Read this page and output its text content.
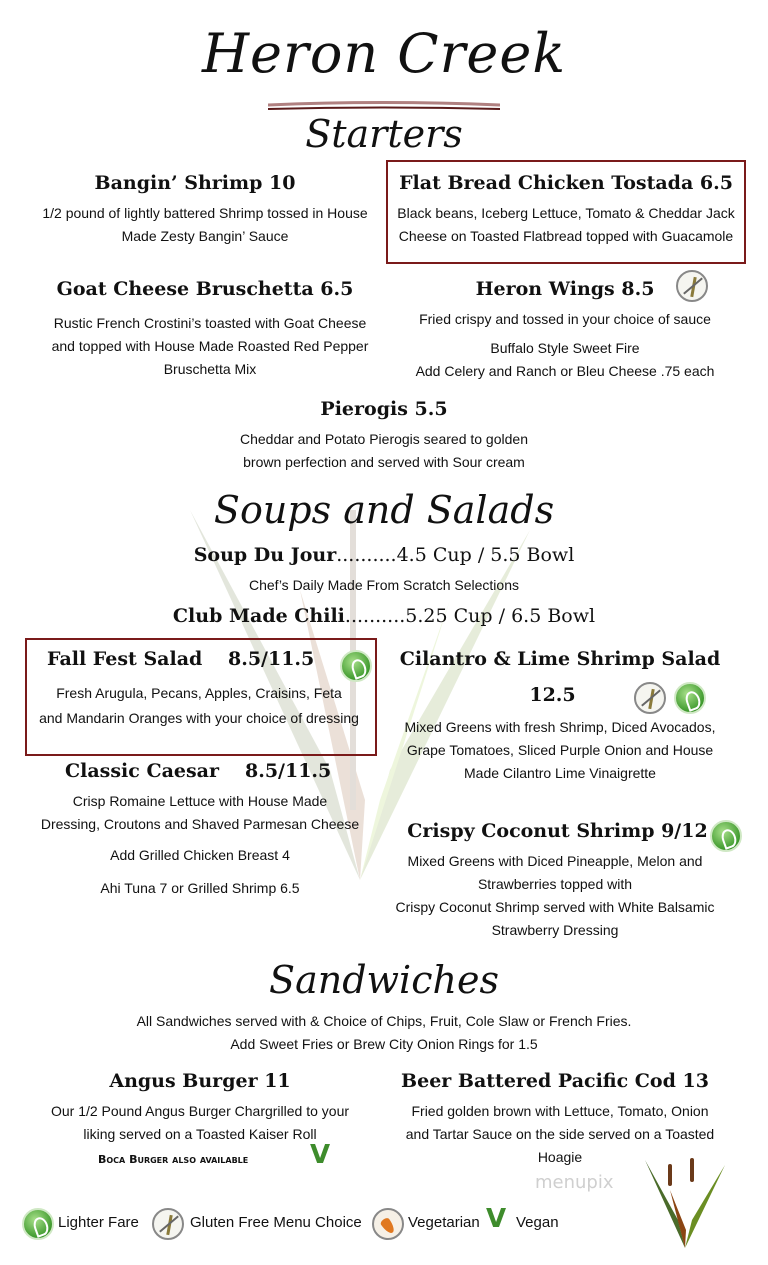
Heron Creek
Starters
Bangin’ Shrimp 10
1/2 pound of lightly battered Shrimp tossed in House
Made Zesty Bangin’ Sauce
Flat Bread Chicken Tostada 6.5
Black beans, Iceberg Lettuce, Tomato & Cheddar Jack
Cheese on Toasted Flatbread topped with Guacamole
Goat Cheese Bruschetta 6.5
Rustic French Crostini’s toasted with Goat Cheese
and topped with House Made Roasted Red Pepper
Bruschetta Mix
Heron Wings 8.5
Fried crispy and tossed in your choice of sauce
Buffalo Style Sweet Fire
Add Celery and Ranch or Bleu Cheese .75 each
Pierogis 5.5
Cheddar and Potato Pierogis seared to golden
brown perfection and served with Sour cream
Soups and Salads
Soup Du Jour..........4.5 Cup / 5.5 Bowl
Chef’s Daily Made From Scratch Selections
Club Made Chili..........5.25 Cup / 6.5 Bowl
Fall Fest Salad 8.5/11.5
Fresh Arugula, Pecans, Apples, Craisins, Feta
and Mandarin Oranges with your choice of dressing
Cilantro & Lime Shrimp Salad
12.5
Mixed Greens with fresh Shrimp, Diced Avocados,
Grape Tomatoes, Sliced Purple Onion and House
Made Cilantro Lime Vinaigrette
Classic Caesar 8.5/11.5
Crisp Romaine Lettuce with House Made
Dressing, Croutons and Shaved Parmesan Cheese
Add Grilled Chicken Breast 4
Ahi Tuna 7 or Grilled Shrimp 6.5
Crispy Coconut Shrimp 9/12
Mixed Greens with Diced Pineapple, Melon and
Strawberries topped with
Crispy Coconut Shrimp served with White Balsamic
Strawberry Dressing
Sandwiches
All Sandwiches served with & Choice of Chips, Fruit, Cole Slaw or French Fries.
Add Sweet Fries or Brew City Onion Rings for 1.5
Angus Burger 11
Our 1/2 Pound Angus Burger Chargrilled to your
liking served on a Toasted Kaiser Roll
Boca Burger also available V
Beer Battered Pacific Cod 13
Fried golden brown with Lettuce, Tomato, Onion
and Tartar Sauce on the side served on a Toasted
Hoagie
menupix
Lighter Fare	Gluten Free Menu Choice	Vegetarian V Vegan
